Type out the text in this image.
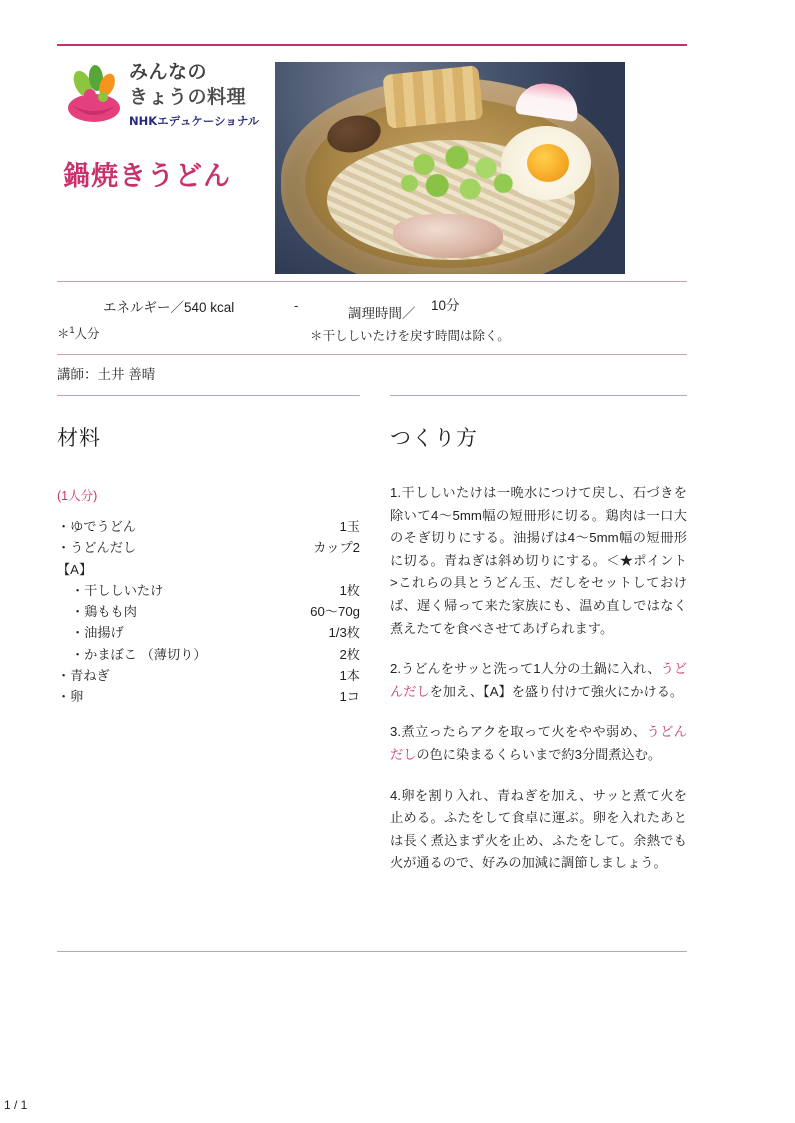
みんなの
きょうの料理
NHKエデュケーショナル
鍋焼きうどん
エネルギー／540 kcal	-
調理時間／
10分
＊$^1$人分	＊干ししいたけを戻す時間は除く。
講師：土井 善晴
材料
(1人分)
・ゆでうどん	1玉
・うどんだし	カップ2
【A】
・干ししいたけ	1枚
・鶏もも肉	60〜70g
・油揚げ	1/3枚
・かまぼこ （薄切り）	2枚
・青ねぎ	1本
・卵	1コ
つくり方

1.干ししいたけは一晩水につけて戻し、石づきを除いて4〜5mm幅の短冊形に切る。鶏肉は一口大のそぎ切りにする。油揚げは4〜5mm幅の短冊形に切る。青ねぎは斜め切りにする。＜★ポイント>これらの具とうどん玉、だしをセットしておけば、遅く帰って来た家族にも、温め直しではなく煮えたてを食べさせてあげられます。

2.うどんをサッと洗って1人分の土鍋に入れ、うどんだしを加え、【A】を盛り付けて強火にかける。

3.煮立ったらアクを取って火をやや弱め、うどんだしの色に染まるくらいまで約3分間煮込む。

4.卵を割り入れ、青ねぎを加え、サッと煮て火を止める。ふたをして食卓に運ぶ。卵を入れたあとは長く煮込まず火を止め、ふたをして。余熱でも火が通るので、好みの加減に調節しましょう。

1 / 1
